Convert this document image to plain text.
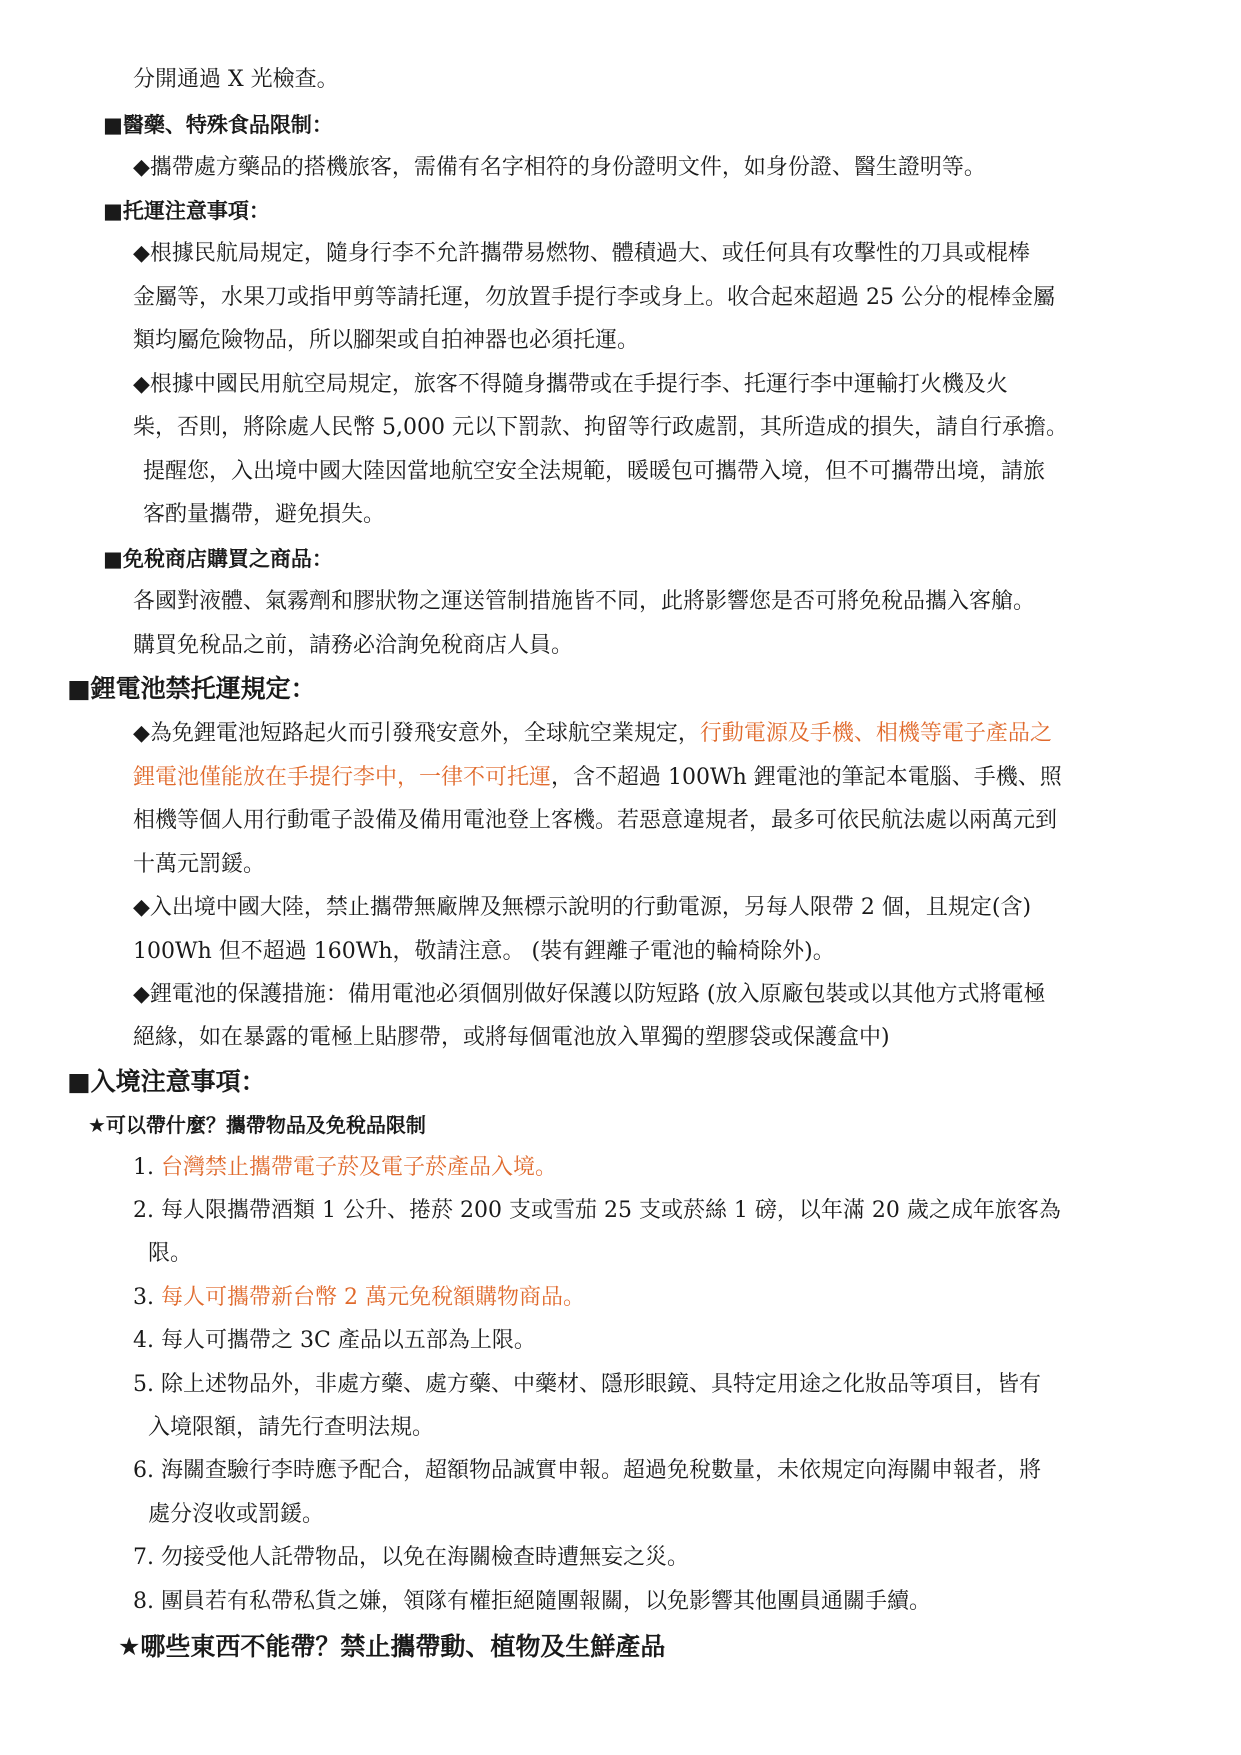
分開通過 X 光檢查。
■醫藥、特殊食品限制：
◆攜帶處方藥品的搭機旅客，需備有名字相符的身份證明文件，如身份證、醫生證明等。
■托運注意事項：
◆根據民航局規定，隨身行李不允許攜帶易燃物、體積過大、或任何具有攻擊性的刀具或棍棒
金屬等，水果刀或指甲剪等請托運，勿放置手提行李或身上。收合起來超過 25 公分的棍棒金屬
類均屬危險物品，所以腳架或自拍神器也必須托運。
◆根據中國民用航空局規定，旅客不得隨身攜帶或在手提行李、托運行李中運輸打火機及火
柴，否則，將除處人民幣 5,000 元以下罰款、拘留等行政處罰，其所造成的損失，請自行承擔。
提醒您，入出境中國大陸因當地航空安全法規範，暖暖包可攜帶入境，但不可攜帶出境，請旅
客酌量攜帶，避免損失。
■免稅商店購買之商品：
各國對液體、氣霧劑和膠狀物之運送管制措施皆不同，此將影響您是否可將免稅品攜入客艙。
購買免稅品之前，請務必洽詢免稅商店人員。
■鋰電池禁托運規定：
◆為免鋰電池短路起火而引發飛安意外，全球航空業規定，行動電源及手機、相機等電子產品之
鋰電池僅能放在手提行李中，一律不可托運，含不超過 100Wh 鋰電池的筆記本電腦、手機、照
相機等個人用行動電子設備及備用電池登上客機。若惡意違規者，最多可依民航法處以兩萬元到
十萬元罰鍰。
◆入出境中國大陸，禁止攜帶無廠牌及無標示說明的行動電源，另每人限帶 2 個，且規定(含)
100Wh 但不超過 160Wh，敬請注意。 (裝有鋰離子電池的輪椅除外)。
◆鋰電池的保護措施：備用電池必須個別做好保護以防短路 (放入原廠包裝或以其他方式將電極
絕緣，如在暴露的電極上貼膠帶，或將每個電池放入單獨的塑膠袋或保護盒中)
■入境注意事項：
★可以帶什麼？攜帶物品及免稅品限制
1. 台灣禁止攜帶電子菸及電子菸產品入境。
2. 每人限攜帶酒類 1 公升、捲菸 200 支或雪茄 25 支或菸絲 1 磅，以年滿 20 歲之成年旅客為
限。
3. 每人可攜帶新台幣 2 萬元免稅額購物商品。
4. 每人可攜帶之 3C 產品以五部為上限。
5. 除上述物品外，非處方藥、處方藥、中藥材、隱形眼鏡、具特定用途之化妝品等項目，皆有
入境限額，請先行查明法規。
6. 海關查驗行李時應予配合，超額物品誠實申報。超過免稅數量，未依規定向海關申報者，將
處分沒收或罰鍰。
7. 勿接受他人託帶物品，以免在海關檢查時遭無妄之災。
8. 團員若有私帶私貨之嫌，領隊有權拒絕隨團報關，以免影響其他團員通關手續。
★哪些東西不能帶？禁止攜帶動、植物及生鮮產品
